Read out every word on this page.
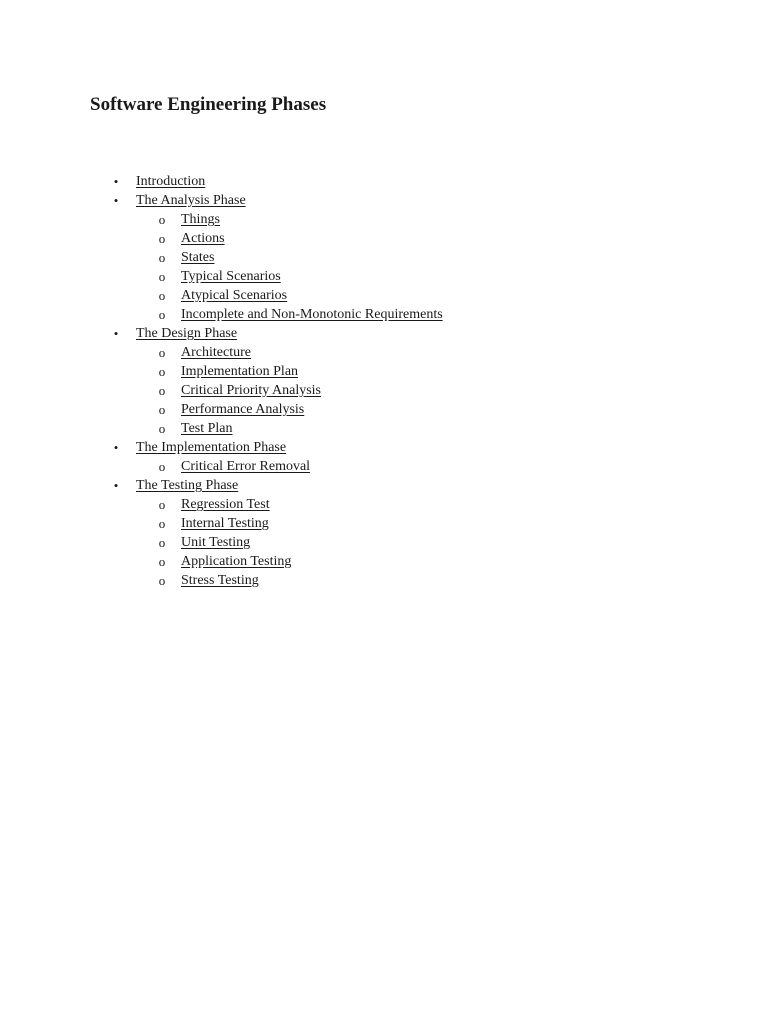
Software Engineering Phases
• Introduction
• The Analysis Phase
o Things
o Actions
o States
o Typical Scenarios
o Atypical Scenarios
o Incomplete and Non-Monotonic Requirements
• The Design Phase
o Architecture
o Implementation Plan
o Critical Priority Analysis
o Performance Analysis
o Test Plan
• The Implementation Phase
o Critical Error Removal
• The Testing Phase
o Regression Test
o Internal Testing
o Unit Testing
o Application Testing
o Stress Testing
